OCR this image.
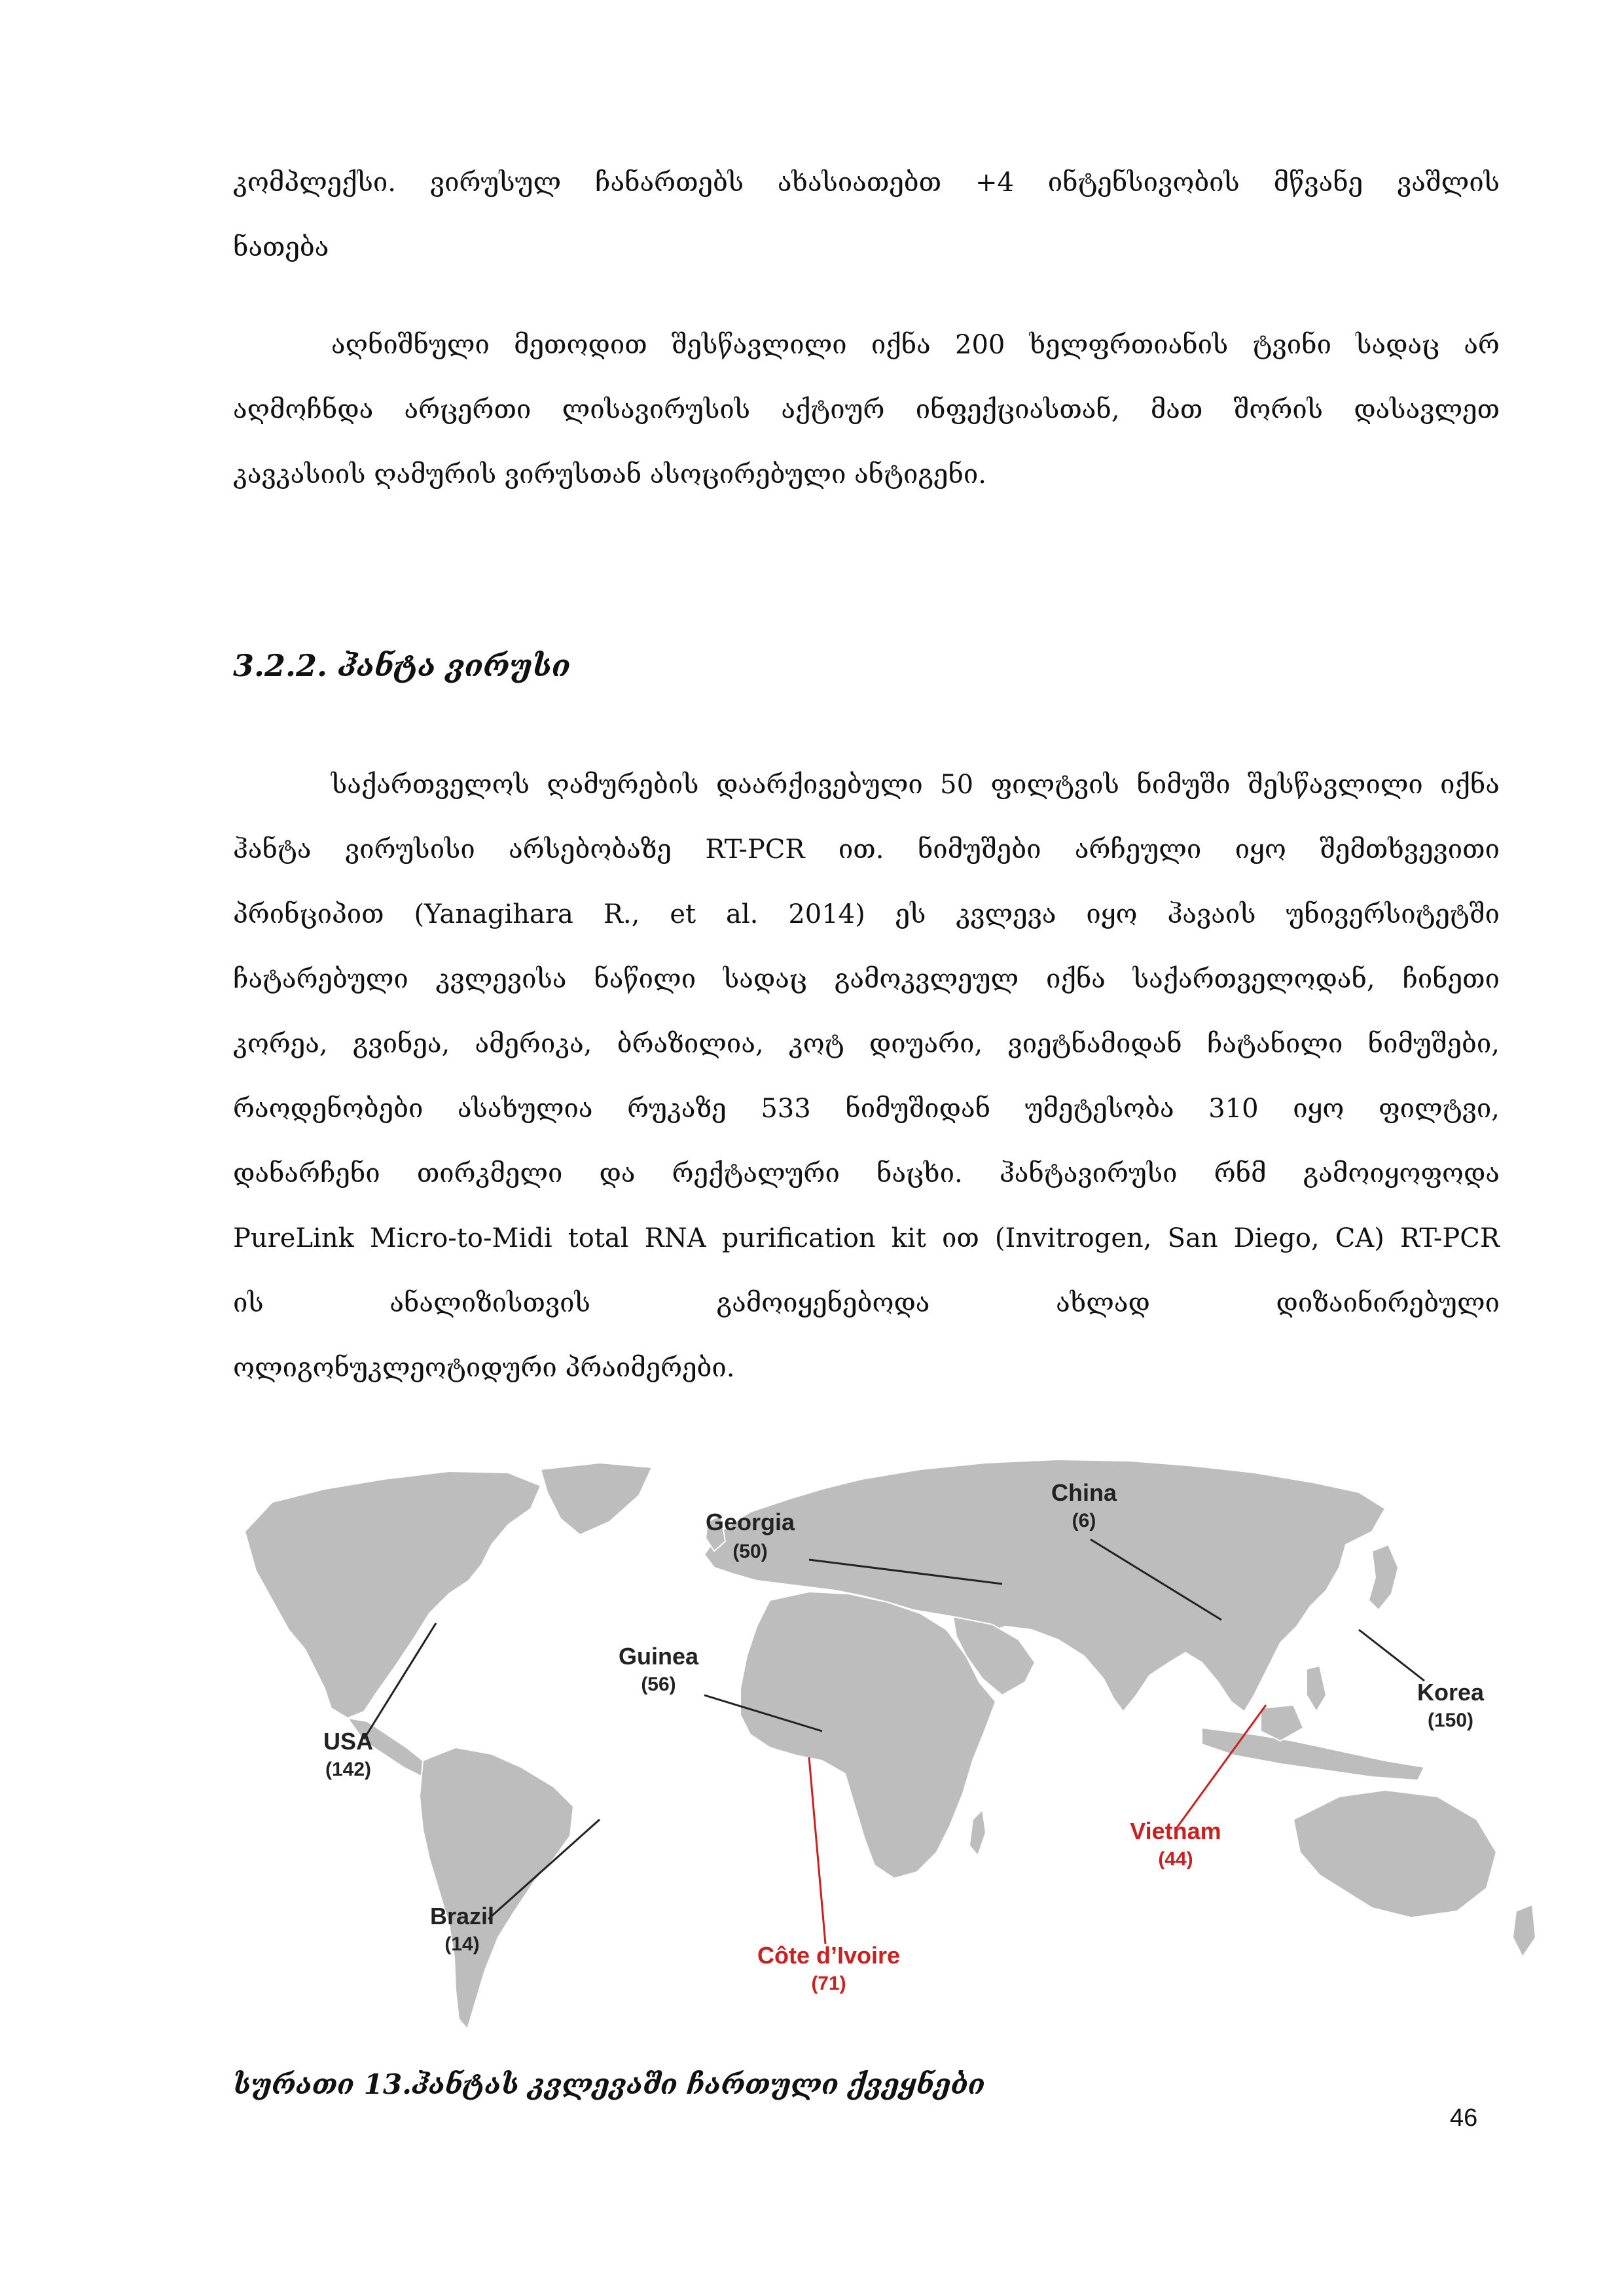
კომპლექსი. ვირუსულ ჩანართებს ახასიათებთ +4 ინტენსივობის მწვანე ვაშლის
ნათება
აღნიშნული მეთოდით შესწავლილი იქნა 200 ხელფრთიანის ტვინი სადაც არ
აღმოჩნდა არცერთი ლისავირუსის აქტიურ ინფექციასთან, მათ შორის დასავლეთ
კავკასიის ღამურის ვირუსთან ასოცირებული ანტიგენი.
3.2.2. ჰანტა ვირუსი
საქართველოს ღამურების დაარქივებული 50 ფილტვის ნიმუში შესწავლილი იქნა
ჰანტა ვირუსისი არსებობაზე RT-PCR ით. ნიმუშები არჩეული იყო შემთხვევითი
პრინციპით (Yanagihara R., et al. 2014) ეს კვლევა იყო ჰავაის უნივერსიტეტში
ჩატარებული კვლევისა ნაწილი სადაც გამოკვლეულ იქნა საქართველოდან, ჩინეთი
კორეა, გვინეა, ამერიკა, ბრაზილია, კოტ დიუარი, ვიეტნამიდან ჩატანილი ნიმუშები,
რაოდენობები ასახულია რუკაზე 533 ნიმუშიდან უმეტესობა 310 იყო ფილტვი,
დანარჩენი თირკმელი და რექტალური ნაცხი. ჰანტავირუსი რნმ გამოიყოფოდა
PureLink Micro-to-Midi total RNA purification kit ით (Invitrogen, San Diego, CA) RT-PCR
ის ანალიზისთვის გამოიყენებოდა ახლად დიზაინირებული
ოლიგონუკლეოტიდური პრაიმერები.
Georgia
(50)
China
(6)
Korea
(150)
Guinea
(56)
USA
(142)
Vietnam
(44)
Brazil
(14)	Côte d’Ivoire
(71)
სურათი 13.ჰანტას კვლევაში ჩართული ქვეყნები
46
